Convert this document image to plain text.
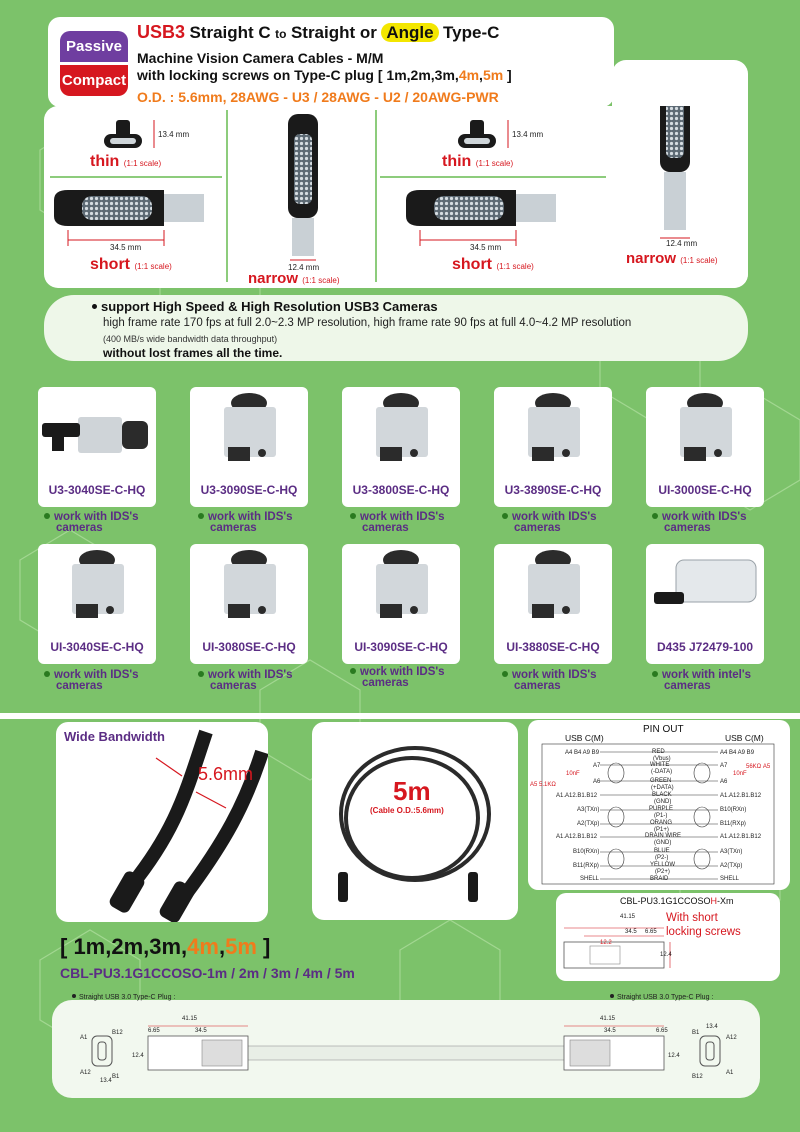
Passive
Compact
USB3 Straight C to Straight or Angle Type-C
Machine Vision Camera Cables - M/M
with locking screws on Type-C plug [ 1m,2m,3m,4m,5m ]
O.D. : 5.6mm, 28AWG - U3 / 28AWG - U2 / 20AWG-PWR
13.4 mm
thin (1:1 scale)
34.5 mm
short (1:1 scale)	12.4 mm
narrow (1:1 scale)
13.4 mm
thin (1:1 scale)
34.5 mm
short (1:1 scale)
12.4 mm
narrow (1:1 scale)
support High Speed & High Resolution USB3 Cameras
high frame rate 170 fps at full 2.0~2.3 MP resolution, high frame rate 90 fps at full 4.0~4.2 MP resolution
(400 MB/s wide bandwidth data throughput)
without lost frames all the time.
U3-3040SE-C-HQ	U3-3090SE-C-HQ	U3-3800SE-C-HQ	U3-3890SE-C-HQ	UI-3000SE-C-HQ
work with IDS's
cameras
work with IDS's
cameras
work with IDS's
cameras
work with IDS's
cameras
work with IDS's
cameras
UI-3040SE-C-HQ	UI-3080SE-C-HQ	UI-3090SE-C-HQ	UI-3880SE-C-HQ	D435 J72479-100
work with IDS's
cameras
work with IDS's
cameras
work with IDS's
cameras
work with IDS's
cameras
work with intel's
cameras
Wide Bandwidth
5.6mm
5m
(Cable O.D.:5.6mm)
[ 1m,2m,3m,4m,5m ]
CBL-PU3.1G1CCOSO-1m / 2m / 3m / 4m / 5m
PIN OUT
USB C(M)	USB C(M)
A4 B4 A9 B9	RED
(Vbus)
A4 B4 A9 B9
A7	WHITE
(-DATA)
A7
A6	GREEN
(+DATA)
A6
A1.A12.B1.B12	BLACK
(GND)
A1.A12.B1.B12
A3(TXn)	PURPLE
(P1-)
B10(RXn)
A2(TXp)	ORANG
(P1+)
B11(RXp)
A1.A12.B1.B12	DRAIN WIRE
(GND)
A1.A12.B1.B12
B10(RXn)	BLUE
(P2-)
A3(TXn)
B11(RXp)	YELLOW
(P2+)
A2(TXp)
SHELL	BRAID	SHELL
10nF	10nF
A5 5.1KΩ
56KΩ A5
CBL-PU3.1G1CCOSOH-Xm
With short
locking screws
41.15
34.5 6.65
12.2
12.4
Straight USB 3.0 Type-C Plug :	Straight USB 3.0 Type-C Plug :
41.15
6.65	34.5
41.15
34.5	6.65
12.4
12.4
13.4
13.4
A1
B12
A12
B1
A12
B1
A1
B12
